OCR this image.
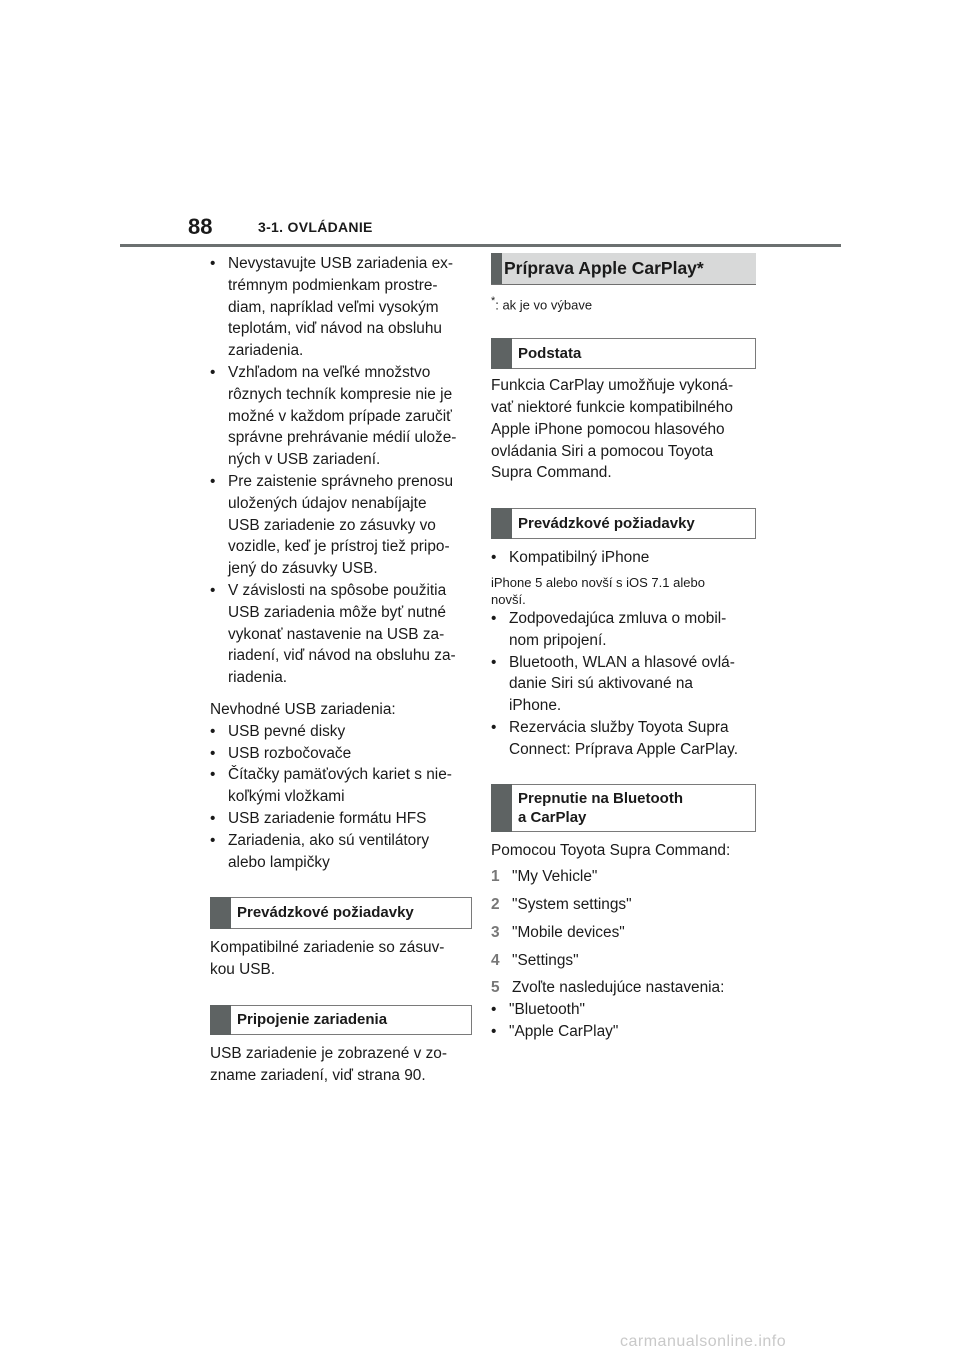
88	3-1. OVLÁDANIE

• Nevystavujte USB zariadenia ex-
trémnym podmienkam prostre-
diam, napríklad veľmi vysokým
teplotám, viď návod na obsluhu
zariadenia.

• Vzhľadom na veľké množstvo
rôznych techník kompresie nie je
možné v každom prípade zaručiť
správne prehrávanie médií ulože-
ných v USB zariadení.

• Pre zaistenie správneho prenosu
uložených údajov nenabíjajte
USB zariadenie zo zásuvky vo
vozidle, keď je prístroj tiež pripo-
jený do zásuvky USB.

• V závislosti na spôsobe použitia
USB zariadenia môže byť nutné
vykonať nastavenie na USB za-
riadení, viď návod na obsluhu za-
riadenia.

Nevhodné USB zariadenia:

• USB pevné disky

• USB rozbočovače

• Čítačky pamäťových kariet s nie-
koľkými vložkami

• USB zariadenie formátu HFS

• Zariadenia, ako sú ventilátory
alebo lampičky

Prevádzkové požiadavky

Kompatibilné zariadenie so zásuv-
kou USB.

Pripojenie zariadenia

USB zariadenie je zobrazené v zo-
zname zariadení, viď strana 90.

Príprava Apple CarPlay*

*: ak je vo výbave

Podstata

Funkcia CarPlay umožňuje vykoná-
vať niektoré funkcie kompatibilného
Apple iPhone pomocou hlasového
ovládania Siri a pomocou Toyota
Supra Command.

Prevádzkové požiadavky

• Kompatibilný iPhone

iPhone 5 alebo novší s iOS 7.1 alebo
novší.

• Zodpovedajúca zmluva o mobil-
nom pripojení.

• Bluetooth, WLAN a hlasové ovlá-
danie Siri sú aktivované na
iPhone.

• Rezervácia služby Toyota Supra
Connect: Príprava Apple CarPlay.

Prepnutie na Bluetooth
a CarPlay

Pomocou Toyota Supra Command:

1 "My Vehicle"
2 "System settings"
3 "Mobile devices"
4 "Settings"
5 Zvoľte nasledujúce nastavenia:

• "Bluetooth"

• "Apple CarPlay"

carmanualsonline.info
